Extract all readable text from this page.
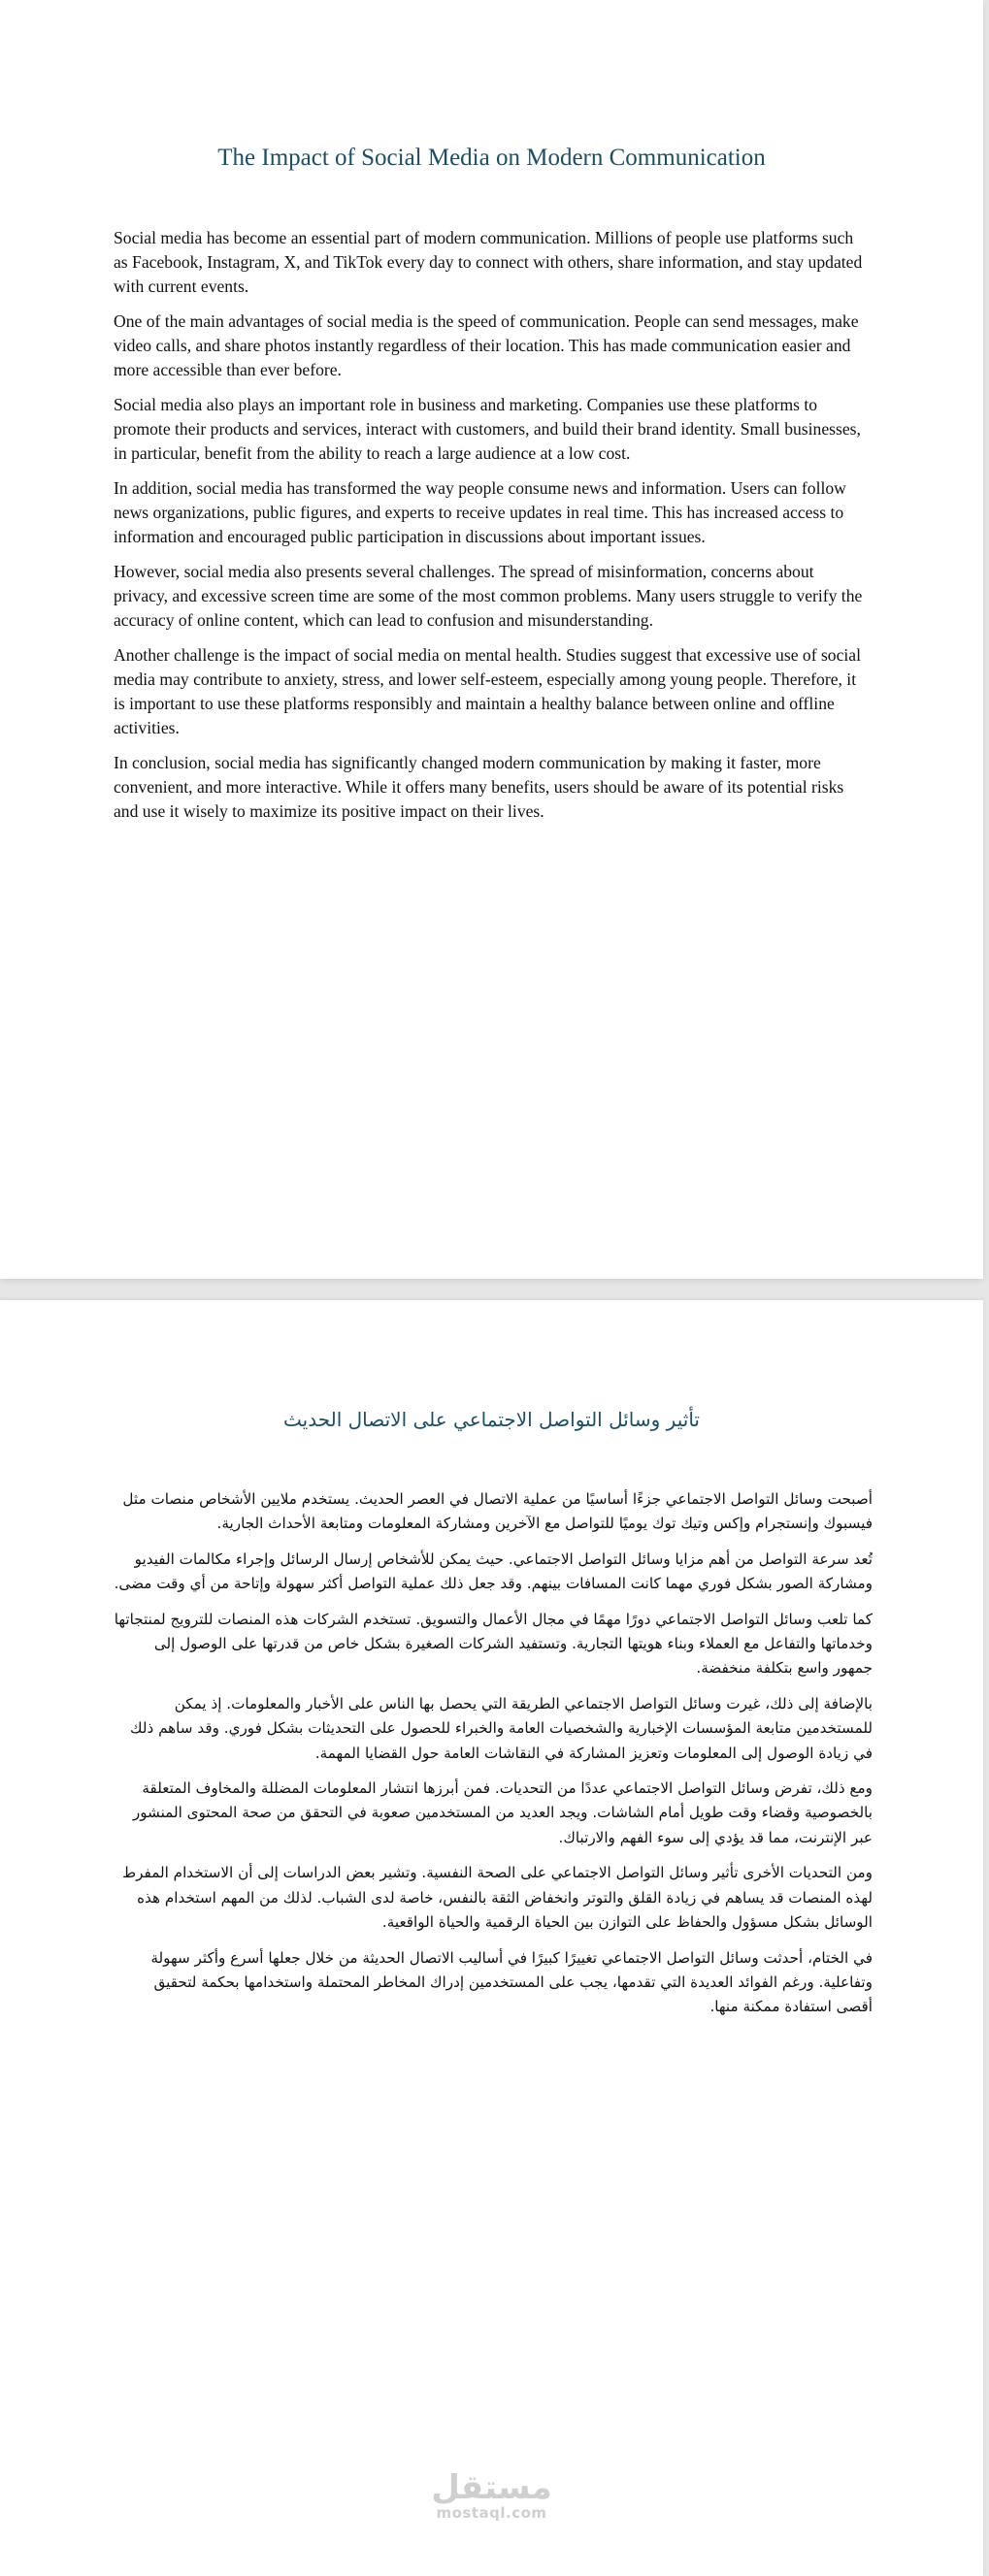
The Impact of Social Media on Modern Communication

Social media has become an essential part of modern communication. Millions of people use platforms such as Facebook, Instagram, X, and TikTok every day to connect with others, share information, and stay updated with current events.

One of the main advantages of social media is the speed of communication. People can send messages, make video calls, and share photos instantly regardless of their location. This has made communication easier and more accessible than ever before.

Social media also plays an important role in business and marketing. Companies use these platforms to promote their products and services, interact with customers, and build their brand identity. Small businesses, in particular, benefit from the ability to reach a large audience at a low cost.

In addition, social media has transformed the way people consume news and information. Users can follow news organizations, public figures, and experts to receive updates in real time. This has increased access to information and encouraged public participation in discussions about important issues.

However, social media also presents several challenges. The spread of misinformation, concerns about privacy, and excessive screen time are some of the most common problems. Many users struggle to verify the accuracy of online content, which can lead to confusion and misunderstanding.

Another challenge is the impact of social media on mental health. Studies suggest that excessive use of social media may contribute to anxiety, stress, and lower self-esteem, especially among young people. Therefore, it is important to use these platforms responsibly and maintain a healthy balance between online and offline activities.

In conclusion, social media has significantly changed modern communication by making it faster, more convenient, and more interactive. While it offers many benefits, users should be aware of its potential risks and use it wisely to maximize its positive impact on their lives.

تأثير وسائل التواصل الاجتماعي على الاتصال الحديث

أصبحت وسائل التواصل الاجتماعي جزءًا أساسيًا من عملية الاتصال في العصر الحديث. يستخدم ملايين الأشخاص منصات مثل فيسبوك وإنستجرام وإكس وتيك توك يوميًا للتواصل مع الآخرين ومشاركة المعلومات ومتابعة الأحداث الجارية.

تُعد سرعة التواصل من أهم مزايا وسائل التواصل الاجتماعي. حيث يمكن للأشخاص إرسال الرسائل وإجراء مكالمات الفيديو ومشاركة الصور بشكل فوري مهما كانت المسافات بينهم. وقد جعل ذلك عملية التواصل أكثر سهولة وإتاحة من أي وقت مضى.

كما تلعب وسائل التواصل الاجتماعي دورًا مهمًا في مجال الأعمال والتسويق. تستخدم الشركات هذه المنصات للترويج لمنتجاتها وخدماتها والتفاعل مع العملاء وبناء هويتها التجارية. وتستفيد الشركات الصغيرة بشكل خاص من قدرتها على الوصول إلى جمهور واسع بتكلفة منخفضة.

بالإضافة إلى ذلك، غيرت وسائل التواصل الاجتماعي الطريقة التي يحصل بها الناس على الأخبار والمعلومات. إذ يمكن للمستخدمين متابعة المؤسسات الإخبارية والشخصيات العامة والخبراء للحصول على التحديثات بشكل فوري. وقد ساهم ذلك في زيادة الوصول إلى المعلومات وتعزيز المشاركة في النقاشات العامة حول القضايا المهمة.

ومع ذلك، تفرض وسائل التواصل الاجتماعي عددًا من التحديات. فمن أبرزها انتشار المعلومات المضللة والمخاوف المتعلقة بالخصوصية وقضاء وقت طويل أمام الشاشات. ويجد العديد من المستخدمين صعوبة في التحقق من صحة المحتوى المنشور عبر الإنترنت، مما قد يؤدي إلى سوء الفهم والارتباك.

ومن التحديات الأخرى تأثير وسائل التواصل الاجتماعي على الصحة النفسية. وتشير بعض الدراسات إلى أن الاستخدام المفرط لهذه المنصات قد يساهم في زيادة القلق والتوتر وانخفاض الثقة بالنفس، خاصة لدى الشباب. لذلك من المهم استخدام هذه الوسائل بشكل مسؤول والحفاظ على التوازن بين الحياة الرقمية والحياة الواقعية.

في الختام، أحدثت وسائل التواصل الاجتماعي تغييرًا كبيرًا في أساليب الاتصال الحديثة من خلال جعلها أسرع وأكثر سهولة وتفاعلية. ورغم الفوائد العديدة التي تقدمها، يجب على المستخدمين إدراك المخاطر المحتملة واستخدامها بحكمة لتحقيق أقصى استفادة ممكنة منها.

مستقل
mostaql.com
